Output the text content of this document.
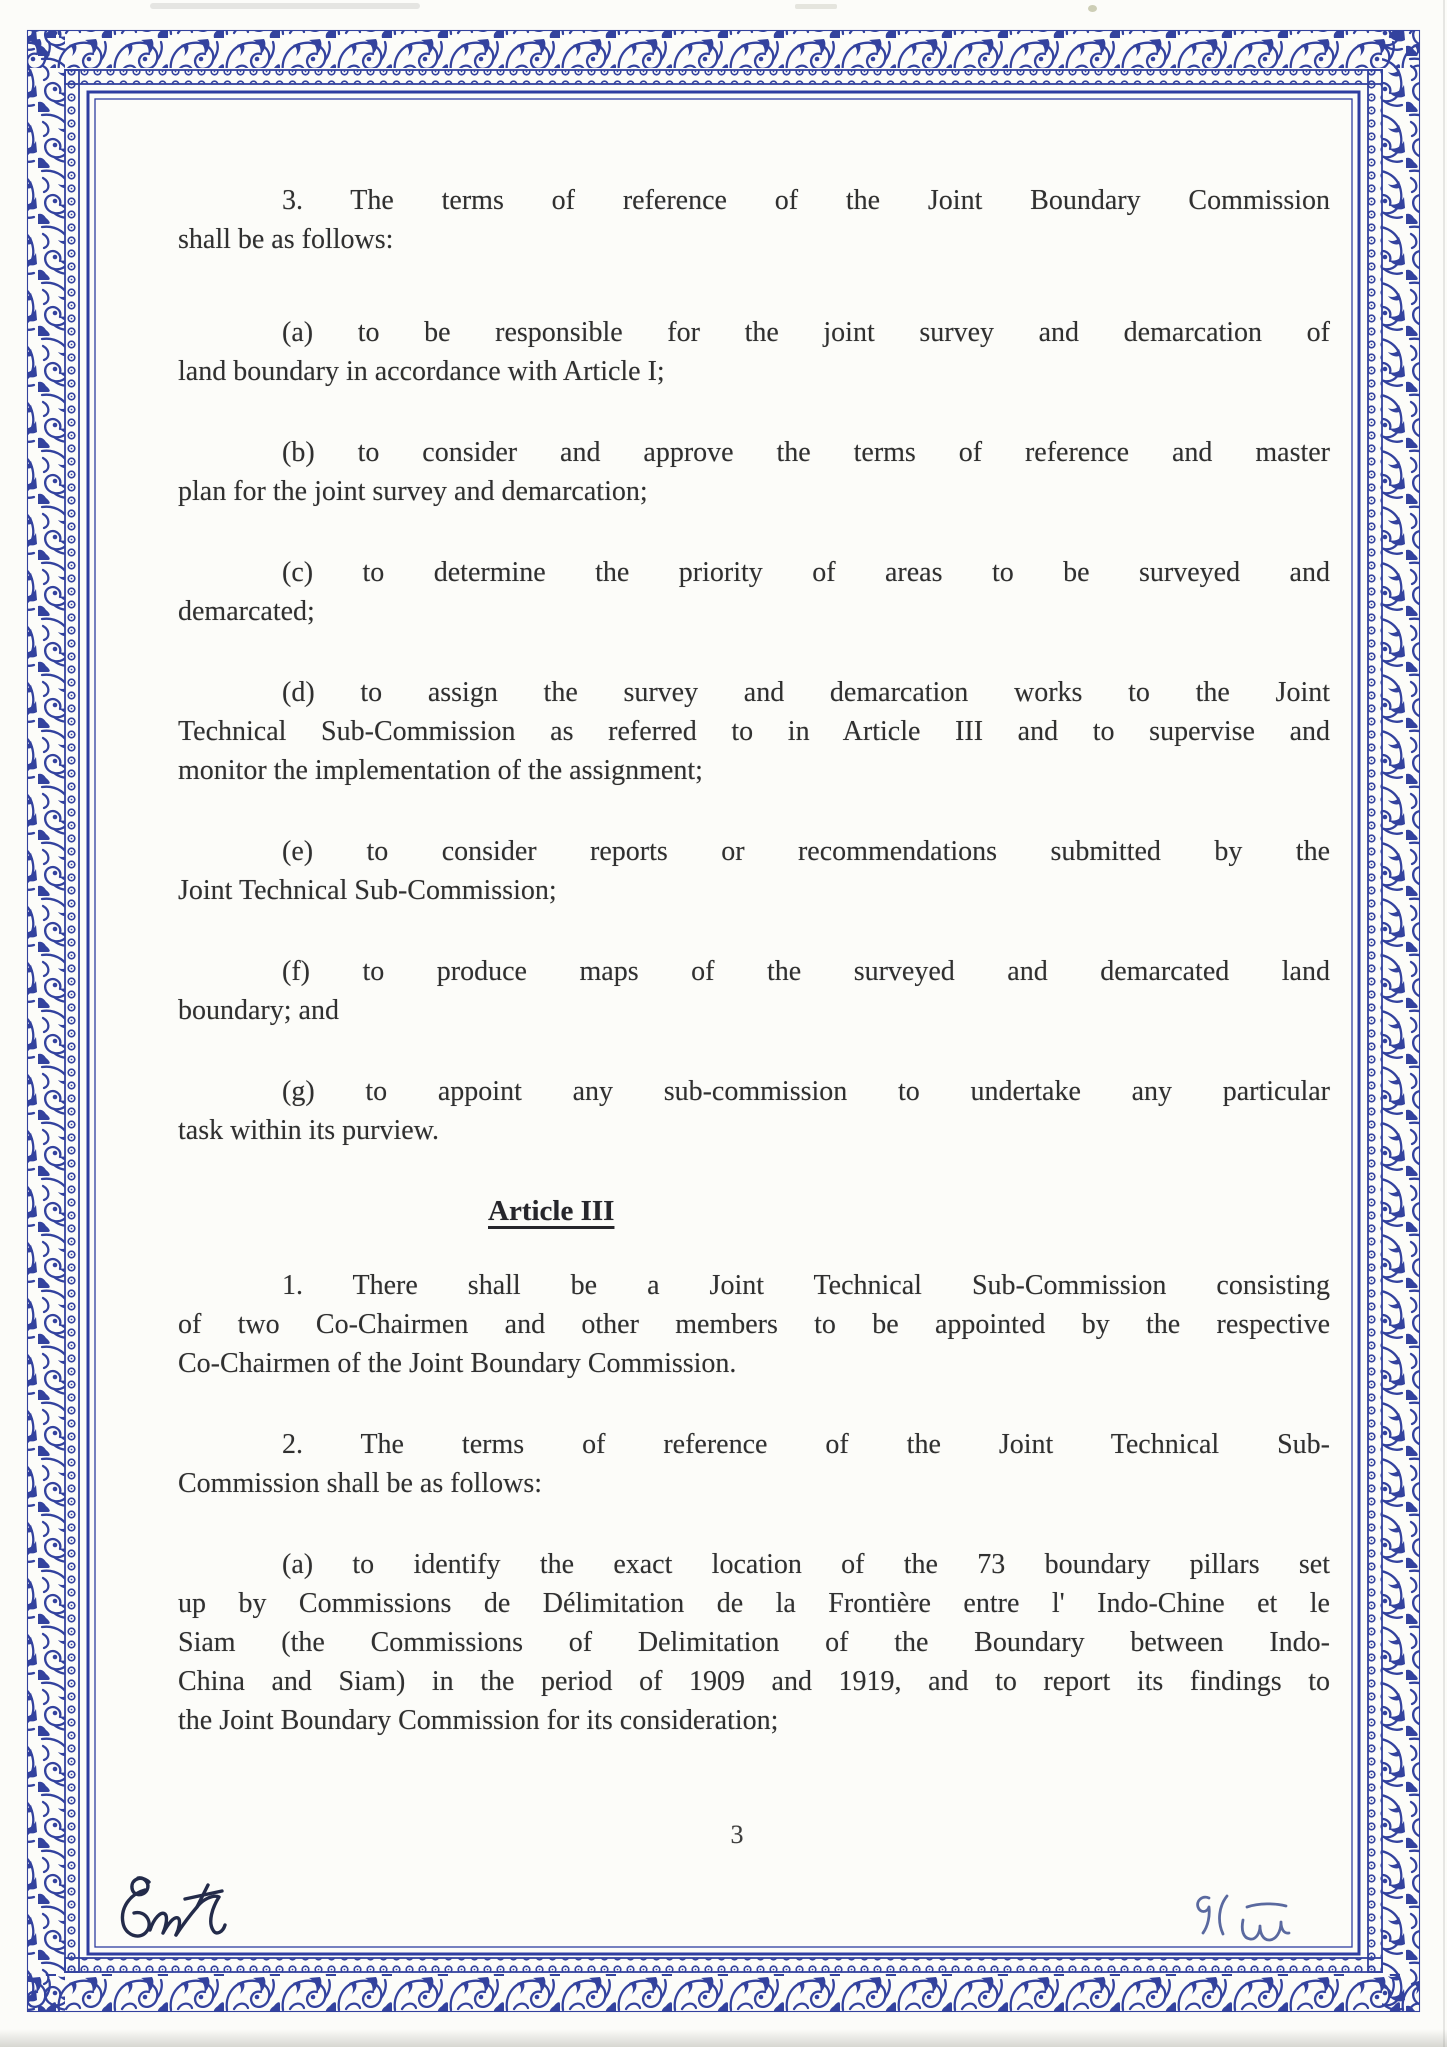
3. The terms of reference of the Joint Boundary Commission
shall be as follows:
(a) to be responsible for the joint survey and demarcation of
land boundary in accordance with Article I;
(b) to consider and approve the terms of reference and master
plan for the joint survey and demarcation;
(c) to determine the priority of areas to be surveyed and
demarcated;
(d) to assign the survey and demarcation works to the Joint
Technical Sub-Commission as referred to in Article III and to supervise and
monitor the implementation of the assignment;
(e) to consider reports or recommendations submitted by the
Joint Technical Sub-Commission;
(f) to produce maps of the surveyed and demarcated land
boundary; and
(g) to appoint any sub-commission to undertake any particular
task within its purview.
Article III
1. There shall be a Joint Technical Sub-Commission consisting
of two Co-Chairmen and other members to be appointed by the respective
Co-Chairmen of the Joint Boundary Commission.
2. The terms of reference of the Joint Technical Sub-
Commission shall be as follows:
(a) to identify the exact location of the 73 boundary pillars set
up by Commissions de Délimitation de la Frontière entre l' Indo-Chine et le
Siam (the Commissions of Delimitation of the Boundary between Indo-
China and Siam) in the period of 1909 and 1919, and to report its findings to
the Joint Boundary Commission for its consideration;
3
